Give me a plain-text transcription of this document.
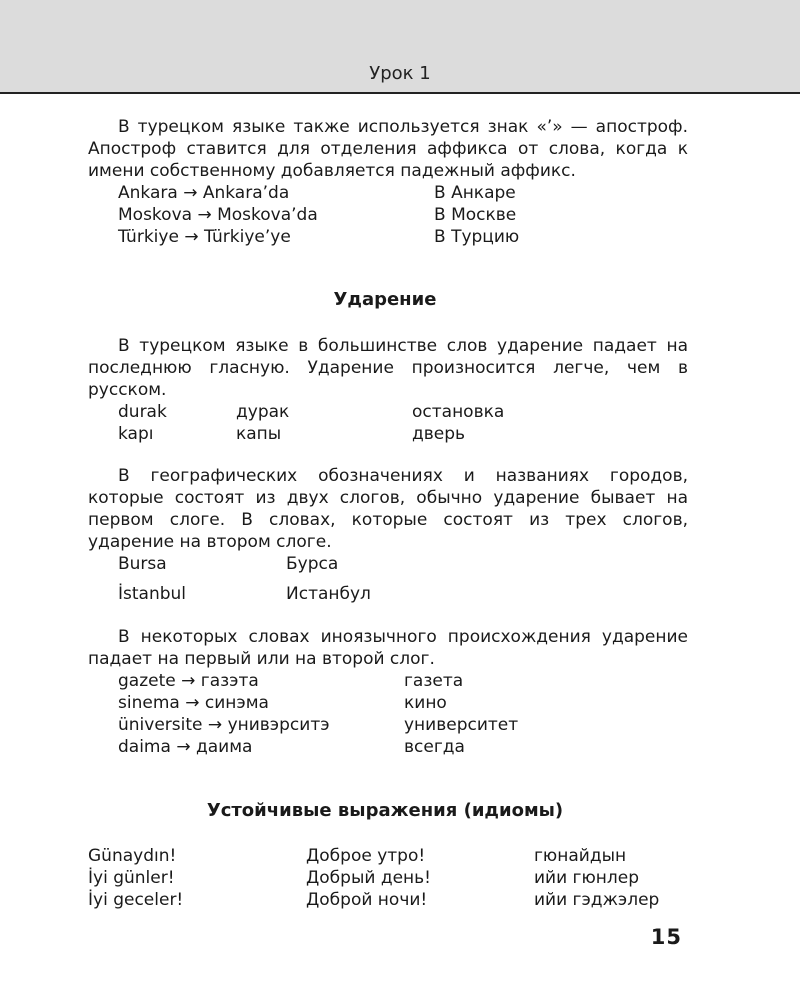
Урок 1

В турецком языке также используется знак «’» — апостроф. Апостроф ставится для отделения аффикса от слова, когда к имени собственному добавляется падежный аффикс.

Ankara → Ankara’da	В Анкаре
Moskova → Moskova’da	В Москве
Türkiye → Türkiye’ye	В Турцию
Ударение

В турецком языке в большинстве слов ударение падает на последнюю гласную. Ударение произносится легче, чем в русском.

durak	дурак	остановка
kapı	капы	дверь

В географических обозначениях и названиях городов, которые состоят из двух слогов, обычно ударение бывает на первом слоге. В словах, которые состоят из трех слогов, ударение на втором слоге.

Bursa	Бурса
İstanbul	Истанбул

В некоторых словах иноязычного происхождения ударение падает на первый или на второй слог.

gazete → газэта	газета
sinema → синэма	кино
üniversite → унивэрситэ	университет
daima → даима	всегда
Устойчивые выражения (идиомы)
Günaydın!	Доброе утро!	гюнайдын
İyi günler!	Добрый день!	ийи гюнлер
İyi geceler!	Доброй ночи!	ийи гэджэлер
15
